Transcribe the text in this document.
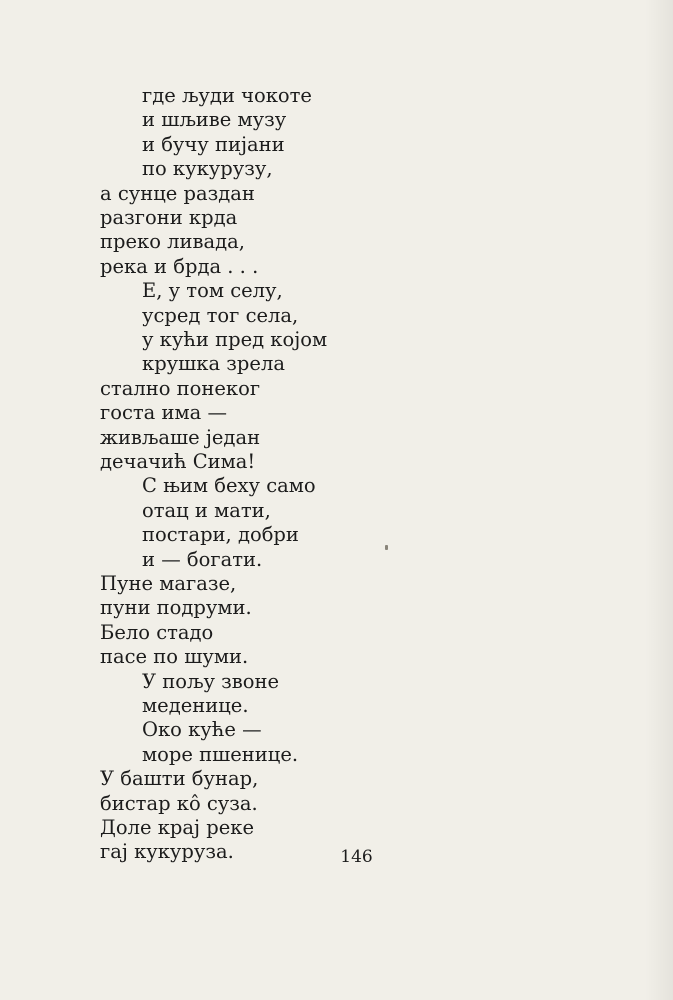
где људи чокоте
и шљиве музу
и бучу пијани
по кукурузу,
а сунце раздан
разгони крда
преко ливада,
река и брда . . .
Е, у том селу,
усред тог села,
у кући пред којом
крушка зрела
стално понеког
госта има —
живљаше један
дечачић Сима!
С њим беху само
отац и мати,
постари, добри
и — богати.
Пуне магазе,
пуни подруми.
Бело стадо
пасе по шуми.
У пољу звоне
меденице.
Око куће —
море пшенице.
У башти бунар,
бистар кô суза.
Доле крај реке
гај кукуруза.	146
